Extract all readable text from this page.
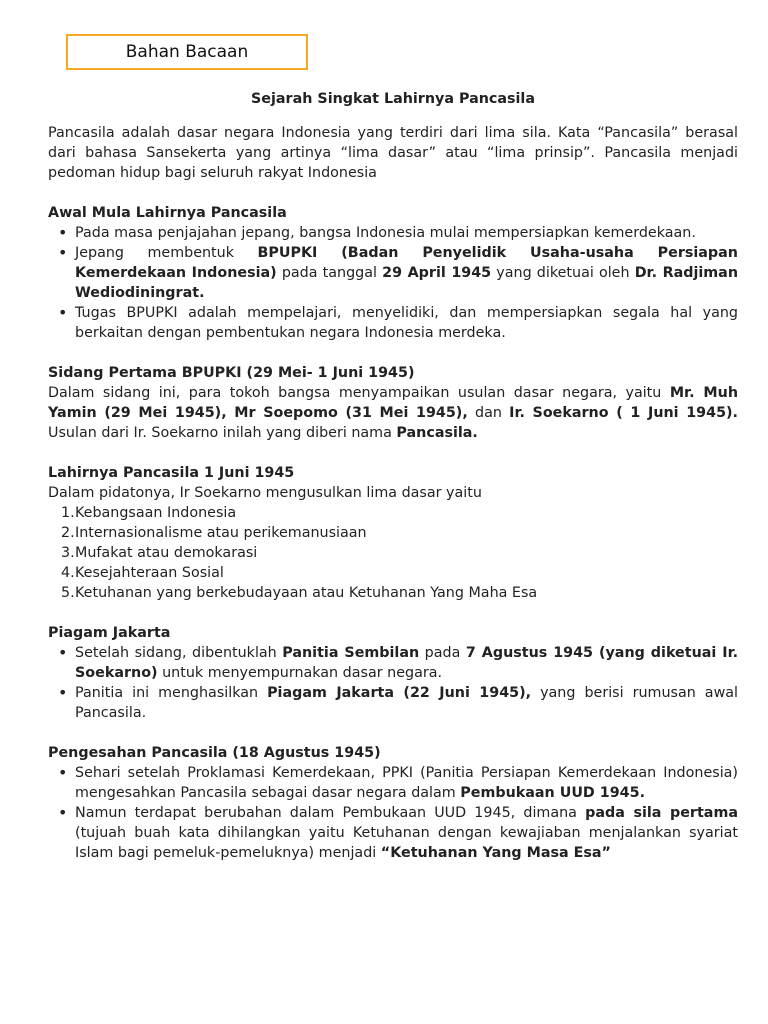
Bahan Bacaan

Sejarah Singkat Lahirnya Pancasila

Pancasila adalah dasar negara Indonesia yang terdiri dari lima sila. Kata “Pancasila” berasal dari bahasa Sansekerta yang artinya “lima dasar” atau “lima prinsip”. Pancasila menjadi pedoman hidup bagi seluruh rakyat Indonesia

Awal Mula Lahirnya Pancasila
• Pada masa penjajahan jepang, bangsa Indonesia mulai mempersiapkan kemerdekaan.
• Jepang membentuk BPUPKI (Badan Penyelidik Usaha-usaha Persiapan Kemerdekaan Indonesia) pada tanggal 29 April 1945 yang diketuai oleh Dr. Radjiman Wediodiningrat.
• Tugas BPUPKI adalah mempelajari, menyelidiki, dan mempersiapkan segala hal yang berkaitan dengan pembentukan negara Indonesia merdeka.
Sidang Pertama BPUPKI (29 Mei- 1 Juni 1945)

Dalam sidang ini, para tokoh bangsa menyampaikan usulan dasar negara, yaitu Mr. Muh Yamin (29 Mei 1945), Mr Soepomo (31 Mei 1945), dan Ir. Soekarno ( 1 Juni 1945). Usulan dari Ir. Soekarno inilah yang diberi nama Pancasila.

Lahirnya Pancasila 1 Juni 1945

Dalam pidatonya, Ir Soekarno mengusulkan lima dasar yaitu

1. Kebangsaan Indonesia
2. Internasionalisme atau perikemanusiaan
3. Mufakat atau demokarasi
4. Kesejahteraan Sosial
5. Ketuhanan yang berkebudayaan atau Ketuhanan Yang Maha Esa
Piagam Jakarta
• Setelah sidang, dibentuklah Panitia Sembilan pada 7 Agustus 1945 (yang diketuai Ir. Soekarno) untuk menyempurnakan dasar negara.
• Panitia ini menghasilkan Piagam Jakarta (22 Juni 1945), yang berisi rumusan awal Pancasila.
Pengesahan Pancasila (18 Agustus 1945)
• Sehari setelah Proklamasi Kemerdekaan, PPKI (Panitia Persiapan Kemerdekaan Indonesia) mengesahkan Pancasila sebagai dasar negara dalam Pembukaan UUD 1945.
• Namun terdapat berubahan dalam Pembukaan UUD 1945, dimana pada sila pertama (tujuah buah kata dihilangkan yaitu Ketuhanan dengan kewajiaban menjalankan syariat Islam bagi pemeluk-pemeluknya) menjadi “Ketuhanan Yang Masa Esa”
